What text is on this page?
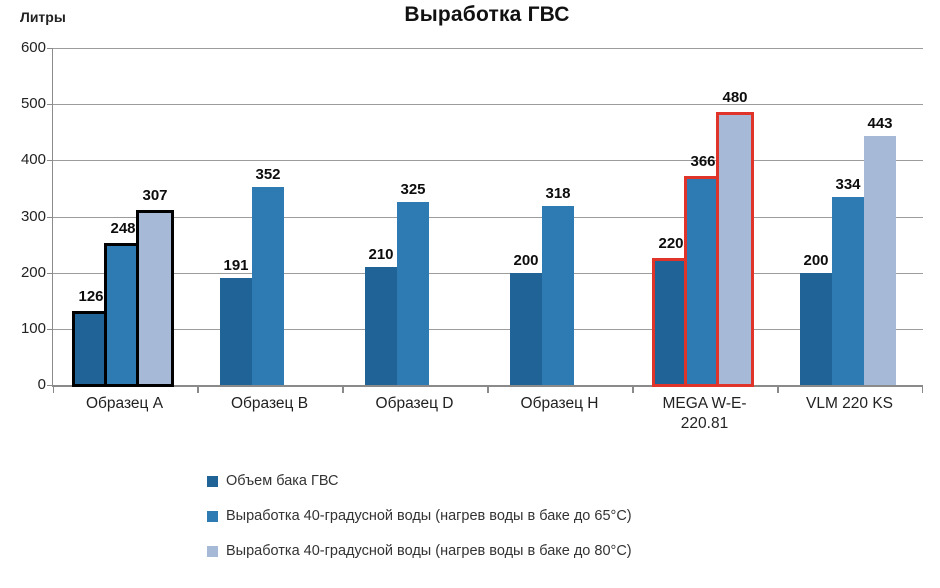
Литры	Выработка ГВС
0
100
200
300
400
500
600
126
248
307
191
352
210
325
200
318
220
366
480
200
334
443
Образец A	Образец B	Образец D	Образец H	MEGA W-E-220.81
VLM 220 KS
Объем бака ГВС
Выработка 40-градусной воды (нагрев воды в баке до 65°C)
Выработка 40-градусной воды (нагрев воды в баке до 80°C)
